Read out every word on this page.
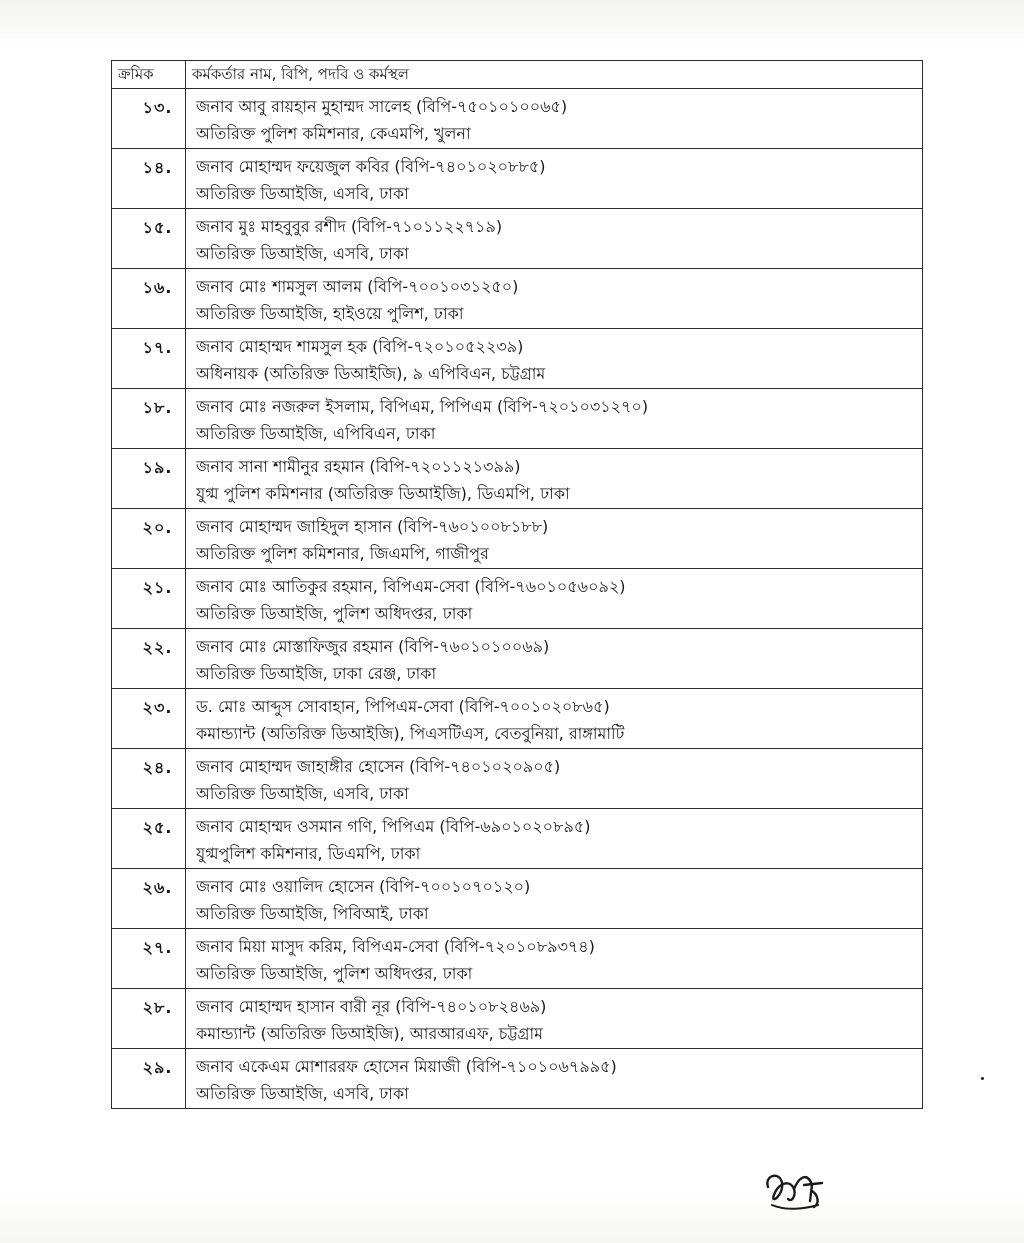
ক্রমিক	কর্মকর্তার নাম, বিপি, পদবি ও কর্মস্থল
১৩.	জনাব আবু রায়হান মুহাম্মদ সালেহ (বিপি-৭৫০১০১০০৬৫)
অতিরিক্ত পুলিশ কমিশনার, কেএমপি, খুলনা

১৪.	জনাব মোহাম্মদ ফয়েজুল কবির (বিপি-৭৪০১০২০৮৮৫)
অতিরিক্ত ডিআইজি, এসবি, ঢাকা

১৫.	জনাব মুঃ মাহবুবুর রশীদ (বিপি-৭১০১১২২৭১৯)
অতিরিক্ত ডিআইজি, এসবি, ঢাকা

১৬.	জনাব মোঃ শামসুল আলম (বিপি-৭০০১০৩১২৫০)
অতিরিক্ত ডিআইজি, হাইওয়ে পুলিশ, ঢাকা

১৭.	জনাব মোহাম্মদ শামসুল হক (বিপি-৭২০১০৫২২৩৯)
অধিনায়ক (অতিরিক্ত ডিআইজি), ৯ এপিবিএন, চট্টগ্রাম

১৮.	জনাব মোঃ নজরুল ইসলাম, বিপিএম, পিপিএম (বিপি-৭২০১০৩১২৭০)
অতিরিক্ত ডিআইজি, এপিবিএন, ঢাকা

১৯.	জনাব সানা শামীনুর রহমান (বিপি-৭২০১১২১৩৯৯)
যুগ্ম পুলিশ কমিশনার (অতিরিক্ত ডিআইজি), ডিএমপি, ঢাকা

২০.	জনাব মোহাম্মদ জাহিদুল হাসান (বিপি-৭৬০১০০৮১৮৮)
অতিরিক্ত পুলিশ কমিশনার, জিএমপি, গাজীপুর

২১.	জনাব মোঃ আতিকুর রহমান, বিপিএম-সেবা (বিপি-৭৬০১০৫৬০৯২)
অতিরিক্ত ডিআইজি, পুলিশ অধিদপ্তর, ঢাকা

২২.	জনাব মোঃ মোস্তাফিজুর রহমান (বিপি-৭৬০১০১০০৬৯)
অতিরিক্ত ডিআইজি, ঢাকা রেঞ্জ, ঢাকা

২৩.	ড. মোঃ আব্দুস সোবাহান, পিপিএম-সেবা (বিপি-৭০০১০২০৮৬৫)
কমান্ড্যান্ট (অতিরিক্ত ডিআইজি), পিএসটিএস, বেতবুনিয়া, রাঙ্গামাটি

২৪.	জনাব মোহাম্মদ জাহাঙ্গীর হোসেন (বিপি-৭৪০১০২০৯০৫)
অতিরিক্ত ডিআইজি, এসবি, ঢাকা

২৫.	জনাব মোহাম্মদ ওসমান গণি, পিপিএম (বিপি-৬৯০১০২০৮৯৫)
যুগ্মপুলিশ কমিশনার, ডিএমপি, ঢাকা

২৬.	জনাব মোঃ ওয়ালিদ হোসেন (বিপি-৭০০১০৭০১২০)
অতিরিক্ত ডিআইজি, পিবিআই, ঢাকা

২৭.	জনাব মিয়া মাসুদ করিম, বিপিএম-সেবা (বিপি-৭২০১০৮৯৩৭৪)
অতিরিক্ত ডিআইজি, পুলিশ অধিদপ্তর, ঢাকা

২৮.	জনাব মোহাম্মদ হাসান বারী নূর (বিপি-৭৪০১০৮২৪৬৯)
কমান্ড্যান্ট (অতিরিক্ত ডিআইজি), আরআরএফ, চট্টগ্রাম

২৯.	জনাব একেএম মোশাররফ হোসেন মিয়াজী (বিপি-৭১০১০৬৭৯৯৫)
অতিরিক্ত ডিআইজি, এসবি, ঢাকা
